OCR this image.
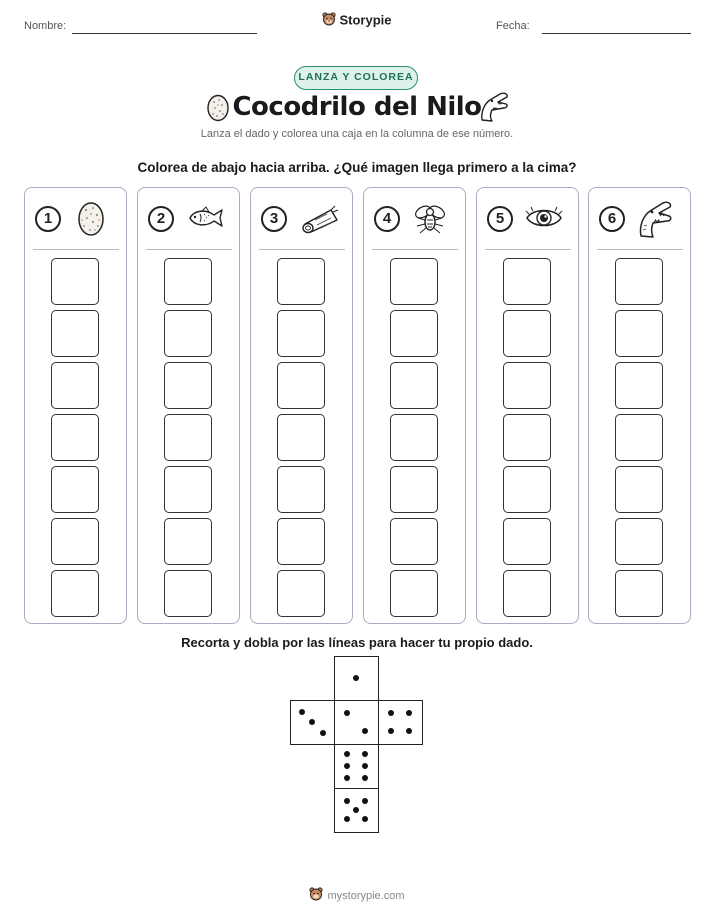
Nombre:	Fecha:
Storypie
LANZA Y COLOREA
Cocodrilo del Nilo
Lanza el dado y colorea una caja en la columna de ese número.
Colorea de abajo hacia arriba. ¿Qué imagen llega primero a la cima?
1	2	3	4	5	6
Recorta y dobla por las líneas para hacer tu propio dado.
mystorypie.com
